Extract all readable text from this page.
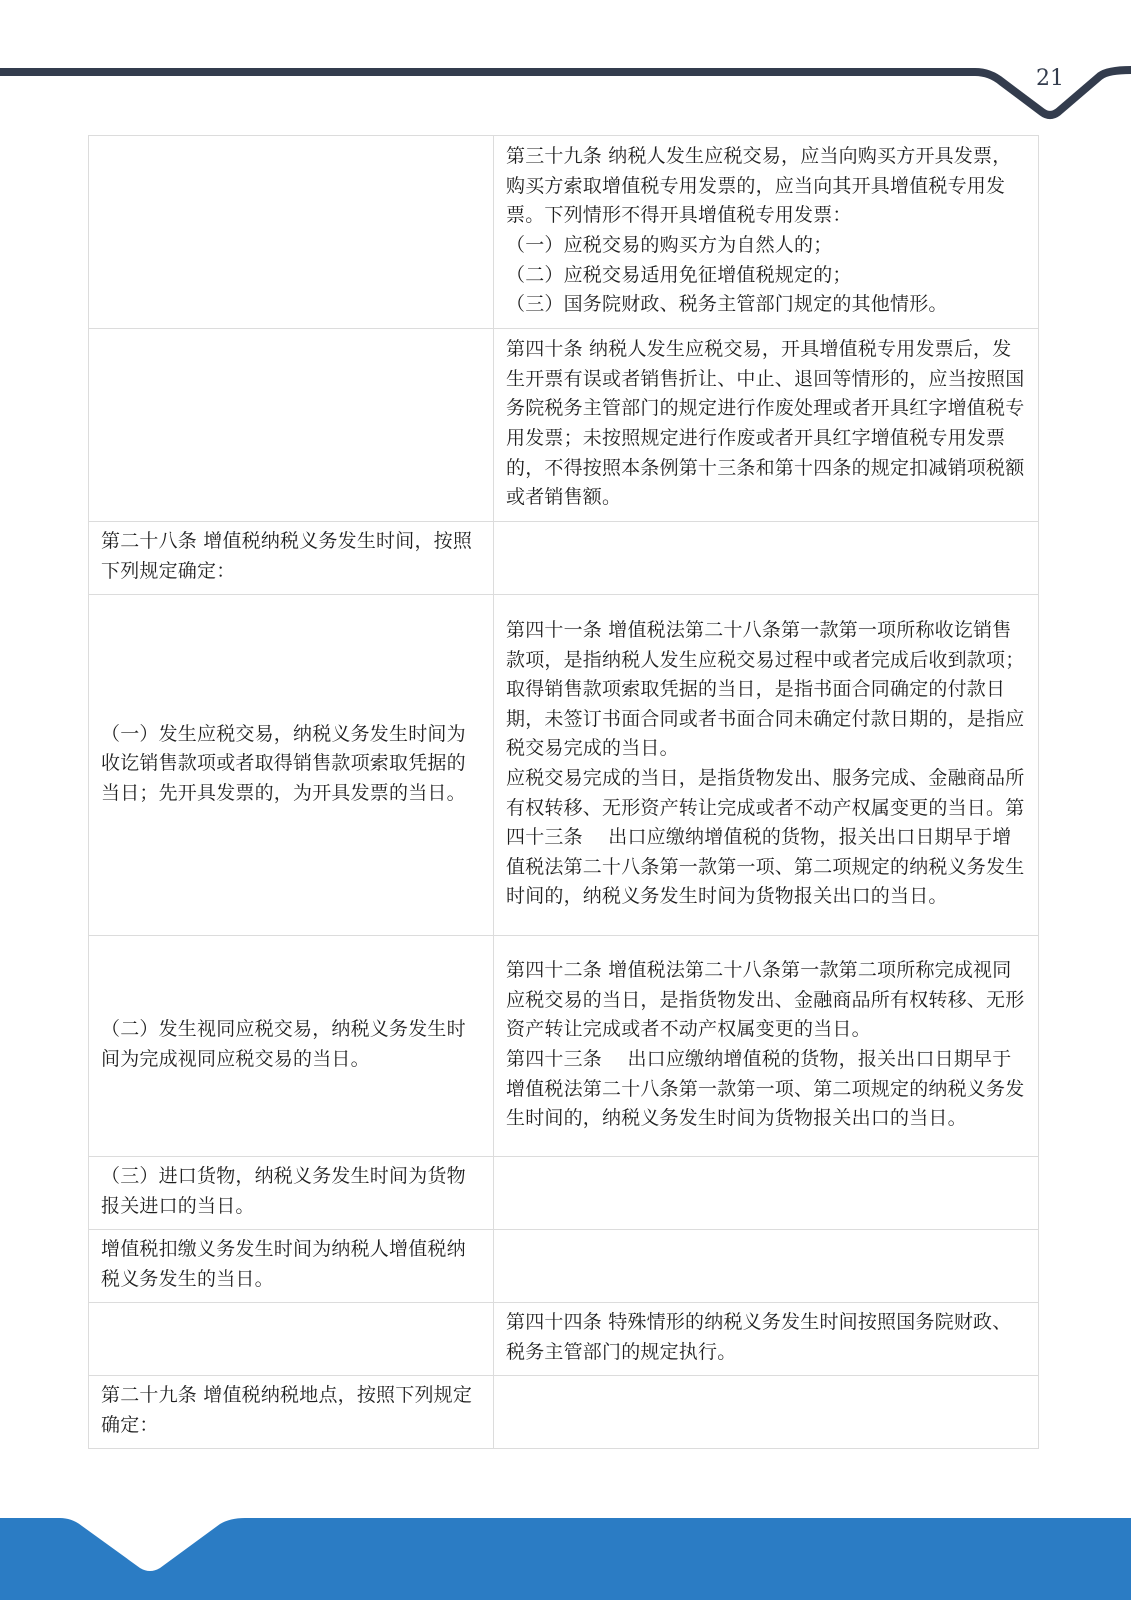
21

	第三十九条 纳税人发生应税交易，应当向购买方开具发票，购买方索取增值税专用发票的，应当向其开具增值税专用发票。下列情形不得开具增值税专用发票：
（一）应税交易的购买方为自然人的；
（二）应税交易适用免征增值税规定的；
（三）国务院财政、税务主管部门规定的其他情形。

	第四十条 纳税人发生应税交易，开具增值税专用发票后，发生开票有误或者销售折让、中止、退回等情形的，应当按照国务院税务主管部门的规定进行作废处理或者开具红字增值税专用发票；未按照规定进行作废或者开具红字增值税专用发票的，不得按照本条例第十三条和第十四条的规定扣减销项税额或者销售额。

第二十八条 增值税纳税义务发生时间，按照下列规定确定：	

（一）发生应税交易，纳税义务发生时间为收讫销售款项或者取得销售款项索取凭据的当日；先开具发票的，为开具发票的当日。	第四十一条 增值税法第二十八条第一款第一项所称收讫销售款项，是指纳税人发生应税交易过程中或者完成后收到款项；取得销售款项索取凭据的当日，是指书面合同确定的付款日期，未签订书面合同或者书面合同未确定付款日期的，是指应税交易完成的当日。
应税交易完成的当日，是指货物发出、服务完成、金融商品所有权转移、无形资产转让完成或者不动产权属变更的当日。第四十三条　 出口应缴纳增值税的货物，报关出口日期早于增值税法第二十八条第一款第一项、第二项规定的纳税义务发生时间的，纳税义务发生时间为货物报关出口的当日。

（二）发生视同应税交易，纳税义务发生时间为完成视同应税交易的当日。	第四十二条 增值税法第二十八条第一款第二项所称完成视同应税交易的当日，是指货物发出、金融商品所有权转移、无形资产转让完成或者不动产权属变更的当日。
第四十三条　 出口应缴纳增值税的货物，报关出口日期早于增值税法第二十八条第一款第一项、第二项规定的纳税义务发生时间的，纳税义务发生时间为货物报关出口的当日。

（三）进口货物，纳税义务发生时间为货物报关进口的当日。	

增值税扣缴义务发生时间为纳税人增值税纳税义务发生的当日。	

	第四十四条 特殊情形的纳税义务发生时间按照国务院财政、税务主管部门的规定执行。

第二十九条 增值税纳税地点，按照下列规定确定：	
